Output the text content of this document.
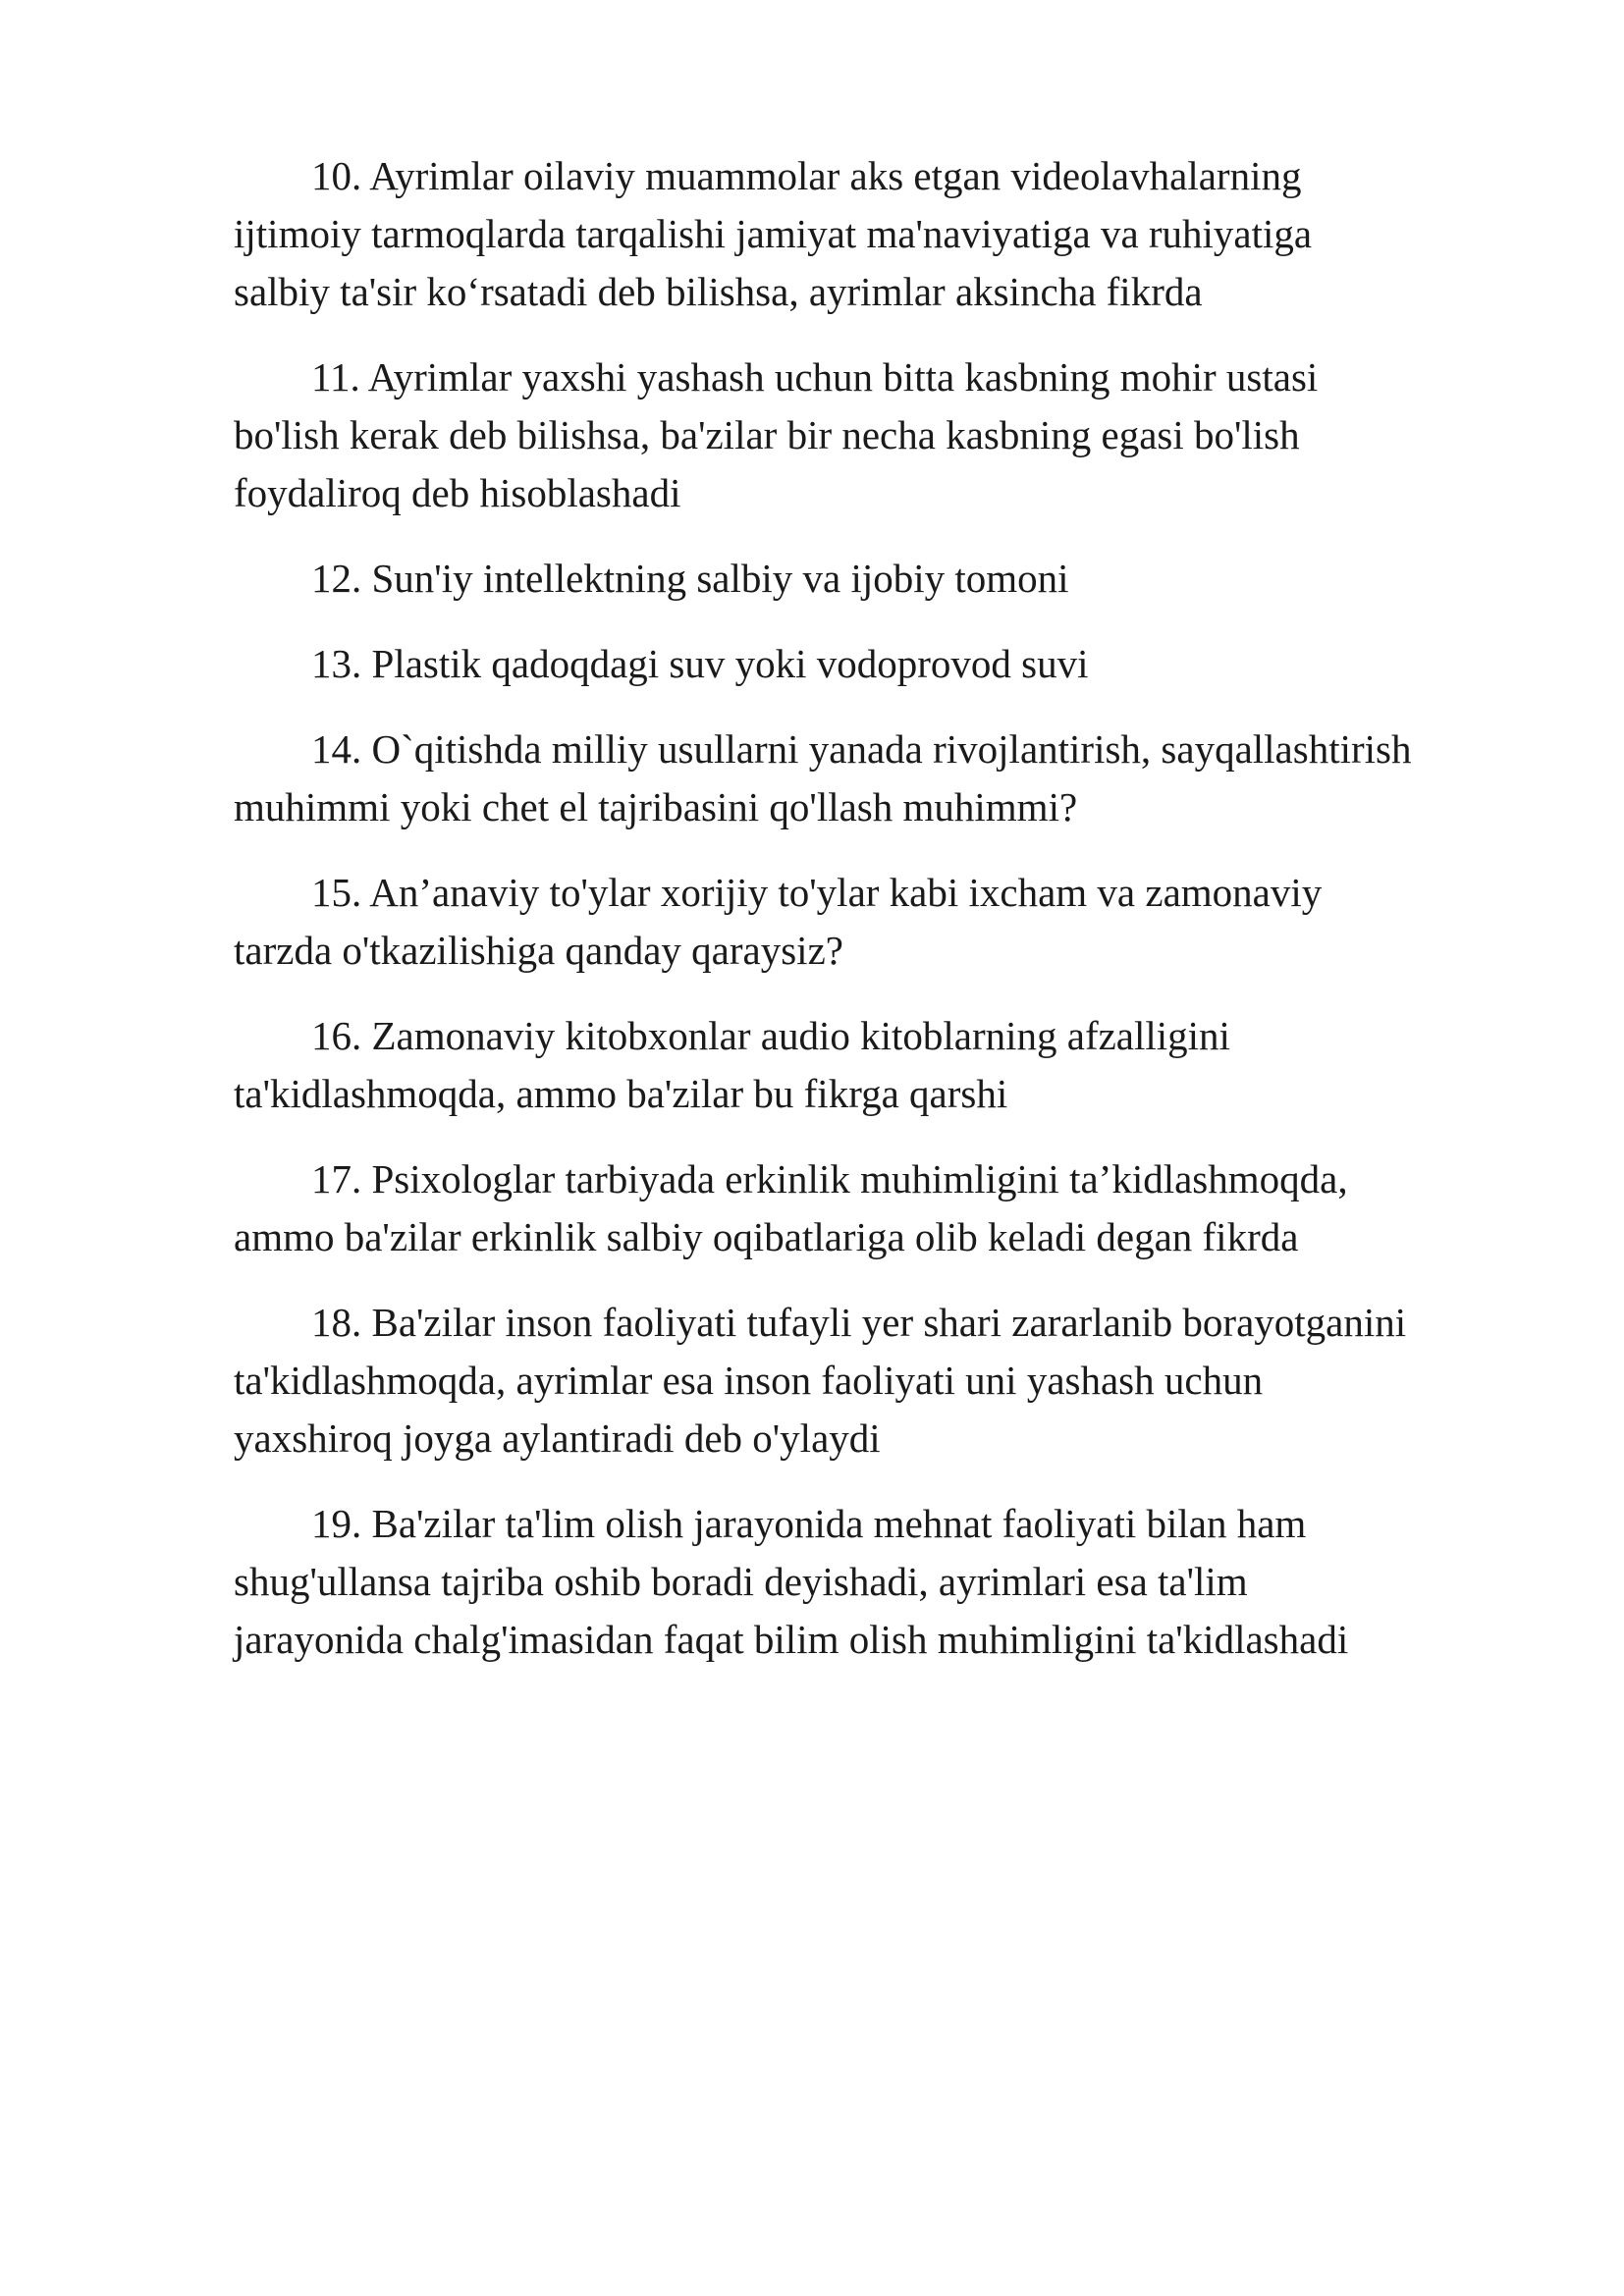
10. Ayrimlar oilaviy muammolar aks etgan videolavhalarning
ijtimoiy tarmoqlarda tarqalishi jamiyat ma'naviyatiga va ruhiyatiga
salbiy ta'sir ko‘rsatadi deb bilishsa, ayrimlar aksincha fikrda

11. Ayrimlar yaxshi yashash uchun bitta kasbning mohir ustasi
bo'lish kerak deb bilishsa, ba'zilar bir necha kasbning egasi bo'lish
foydaliroq deb hisoblashadi

12. Sun'iy intellektning salbiy va ijobiy tomoni

13. Plastik qadoqdagi suv yoki vodoprovod suvi

14. O`qitishda milliy usullarni yanada rivojlantirish, sayqallashtirish
muhimmi yoki chet el tajribasini qo'llash muhimmi?

15. An’anaviy to'ylar xorijiy to'ylar kabi ixcham va zamonaviy
tarzda o'tkazilishiga qanday qaraysiz?

16. Zamonaviy kitobxonlar audio kitoblarning afzalligini
ta'kidlashmoqda, ammo ba'zilar bu fikrga qarshi

17. Psixologlar tarbiyada erkinlik muhimligini ta’kidlashmoqda,
ammo ba'zilar erkinlik salbiy oqibatlariga olib keladi degan fikrda

18. Ba'zilar inson faoliyati tufayli yer shari zararlanib borayotganini
ta'kidlashmoqda, ayrimlar esa inson faoliyati uni yashash uchun
yaxshiroq joyga aylantiradi deb o'ylaydi

19. Ba'zilar ta'lim olish jarayonida mehnat faoliyati bilan ham
shug'ullansa tajriba oshib boradi deyishadi, ayrimlari esa ta'lim
jarayonida chalg'imasidan faqat bilim olish muhimligini ta'kidlashadi
